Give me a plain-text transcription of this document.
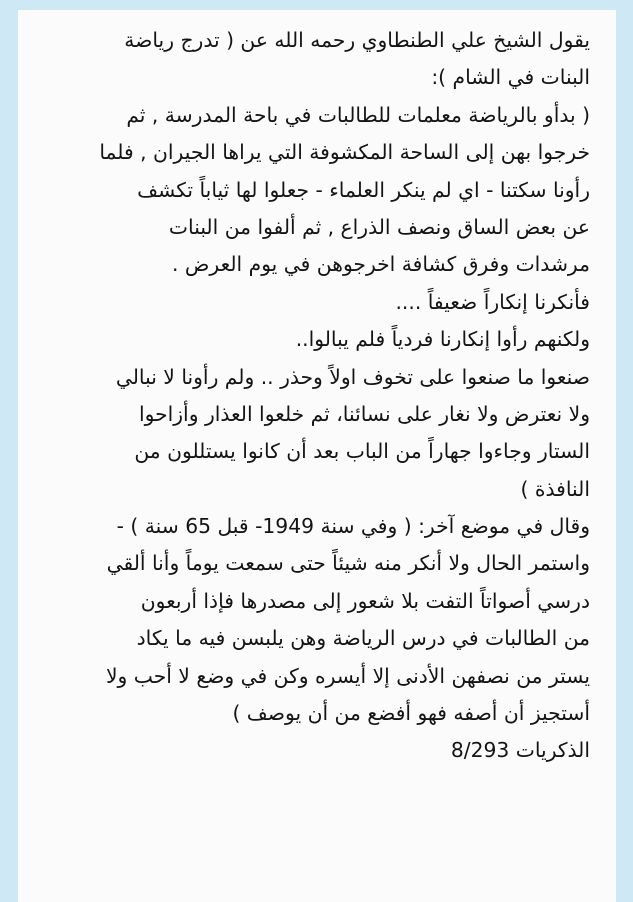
يقول الشيخ علي الطنطاوي رحمه الله عن ( تدرج رياضة
البنات في الشام ):
( بدأو بالرياضة معلمات للطالبات في باحة المدرسة , ثم
خرجوا بهن إلى الساحة المكشوفة التي يراها الجيران , فلما
رأونا سكتنا - اي لم ينكر العلماء - جعلوا لها ثياباً تكشف
عن بعض الساق ونصف الذراع , ثم ألفوا من البنات
مرشدات وفرق كشافة اخرجوهن في يوم العرض .
فأنكرنا إنكاراً ضعيفاً ....
ولكنهم رأوا إنكارنا فردياً فلم يبالوا..
صنعوا ما صنعوا على تخوف اولاً وحذر .. ولم رأونا لا نبالي
ولا نعترض ولا نغار على نسائنا، ثم خلعوا العذار وأزاحوا
الستار وجاءوا جهاراً من الباب بعد أن كانوا يستللون من
النافذة )
وقال في موضع آخر: ( وفي سنة 1949- قبل 65 سنة ) -
واستمر الحال ولا أنكر منه شيئاً حتى سمعت يوماً وأنا ألقي
درسي أصواتاً التفت بلا شعور إلى مصدرها فإذا أربعون
من الطالبات في درس الرياضة وهن يلبسن فيه ما يكاد
يستر من نصفهن الأدنى إلا أيسره وكن في وضع لا أحب ولا
أستجيز أن أصفه فهو أفضع من أن يوصف )
الذكريات 8/293
